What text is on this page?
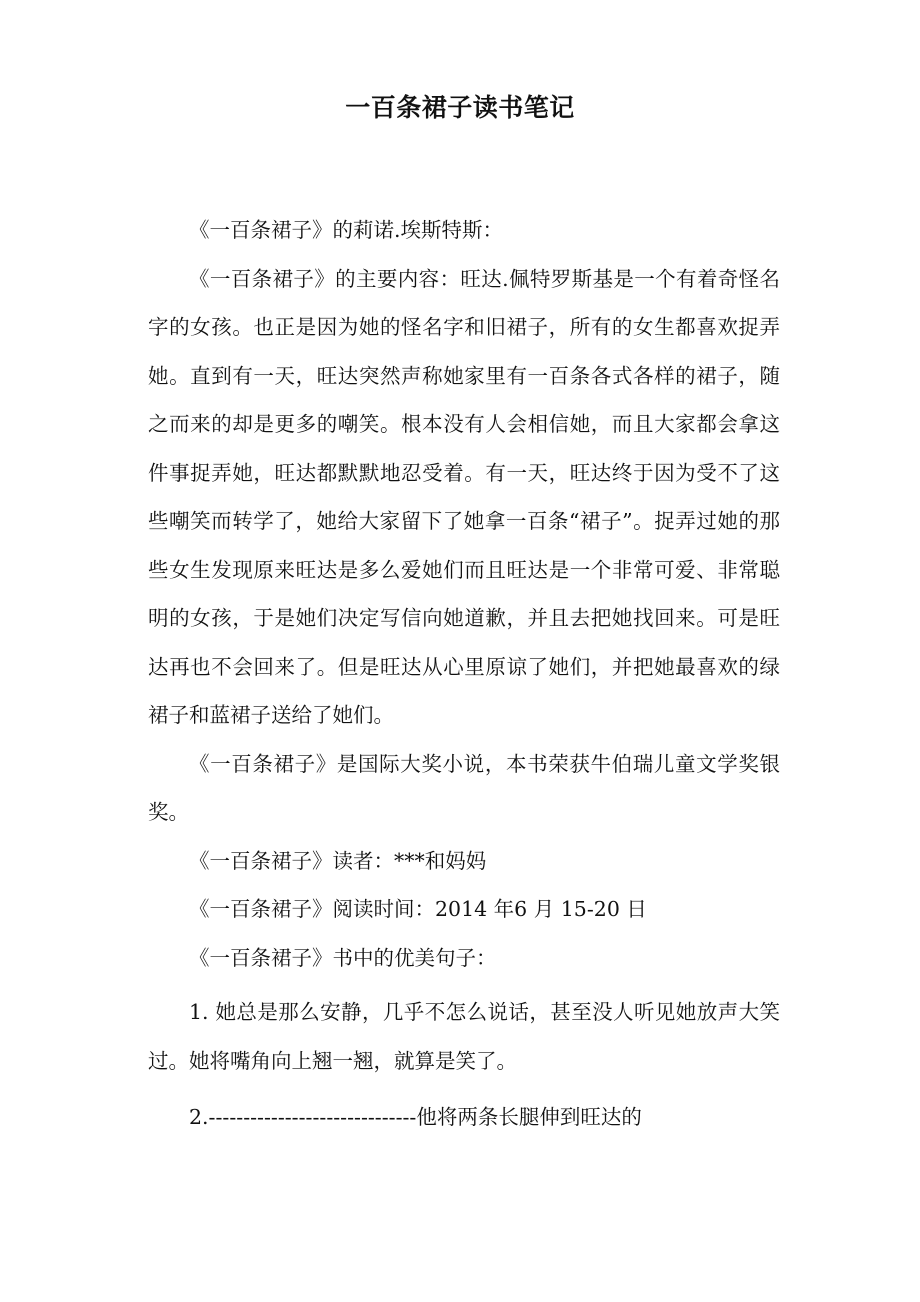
一百条裙子读书笔记

《一百条裙子》的莉诺.埃斯特斯：

《一百条裙子》的主要内容：旺达.佩特罗斯基是一个有着奇怪名字的女孩。也正是因为她的怪名字和旧裙子，所有的女生都喜欢捉弄她。直到有一天，旺达突然声称她家里有一百条各式各样的裙子，随之而来的却是更多的嘲笑。根本没有人会相信她，而且大家都会拿这件事捉弄她，旺达都默默地忍受着。有一天，旺达终于因为受不了这些嘲笑而转学了，她给大家留下了她拿一百条“裙子”。捉弄过她的那些女生发现原来旺达是多么爱她们而且旺达是一个非常可爱、非常聪明的女孩，于是她们决定写信向她道歉，并且去把她找回来。可是旺达再也不会回来了。但是旺达从心里原谅了她们，并把她最喜欢的绿裙子和蓝裙子送给了她们。

《一百条裙子》是国际大奖小说，本书荣获牛伯瑞儿童文学奖银奖。

《一百条裙子》读者：***和妈妈

《一百条裙子》阅读时间：2014 年6 月 15-20 日

《一百条裙子》书中的优美句子：

1. 她总是那么安静，几乎不怎么说话，甚至没人听见她放声大笑过。她将嘴角向上翘一翘，就算是笑了。

2.------------------------------他将两条长腿伸到旺达的
